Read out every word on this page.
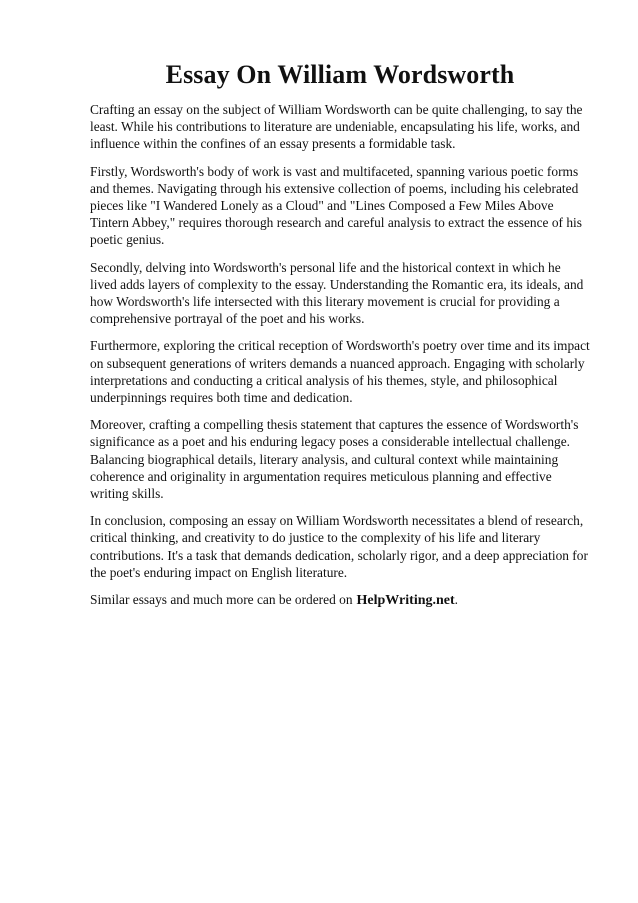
Essay On William Wordsworth

Crafting an essay on the subject of William Wordsworth can be quite challenging, to say the least. While his contributions to literature are undeniable, encapsulating his life, works, and influence within the confines of an essay presents a formidable task.

Firstly, Wordsworth's body of work is vast and multifaceted, spanning various poetic forms and themes. Navigating through his extensive collection of poems, including his celebrated pieces like "I Wandered Lonely as a Cloud" and "Lines Composed a Few Miles Above Tintern Abbey," requires thorough research and careful analysis to extract the essence of his poetic genius.

Secondly, delving into Wordsworth's personal life and the historical context in which he lived adds layers of complexity to the essay. Understanding the Romantic era, its ideals, and how Wordsworth's life intersected with this literary movement is crucial for providing a comprehensive portrayal of the poet and his works.

Furthermore, exploring the critical reception of Wordsworth's poetry over time and its impact on subsequent generations of writers demands a nuanced approach. Engaging with scholarly interpretations and conducting a critical analysis of his themes, style, and philosophical underpinnings requires both time and dedication.

Moreover, crafting a compelling thesis statement that captures the essence of Wordsworth's significance as a poet and his enduring legacy poses a considerable intellectual challenge. Balancing biographical details, literary analysis, and cultural context while maintaining coherence and originality in argumentation requires meticulous planning and effective writing skills.

In conclusion, composing an essay on William Wordsworth necessitates a blend of research, critical thinking, and creativity to do justice to the complexity of his life and literary contributions. It's a task that demands dedication, scholarly rigor, and a deep appreciation for the poet's enduring impact on English literature.

Similar essays and much more can be ordered on HelpWriting.net.
